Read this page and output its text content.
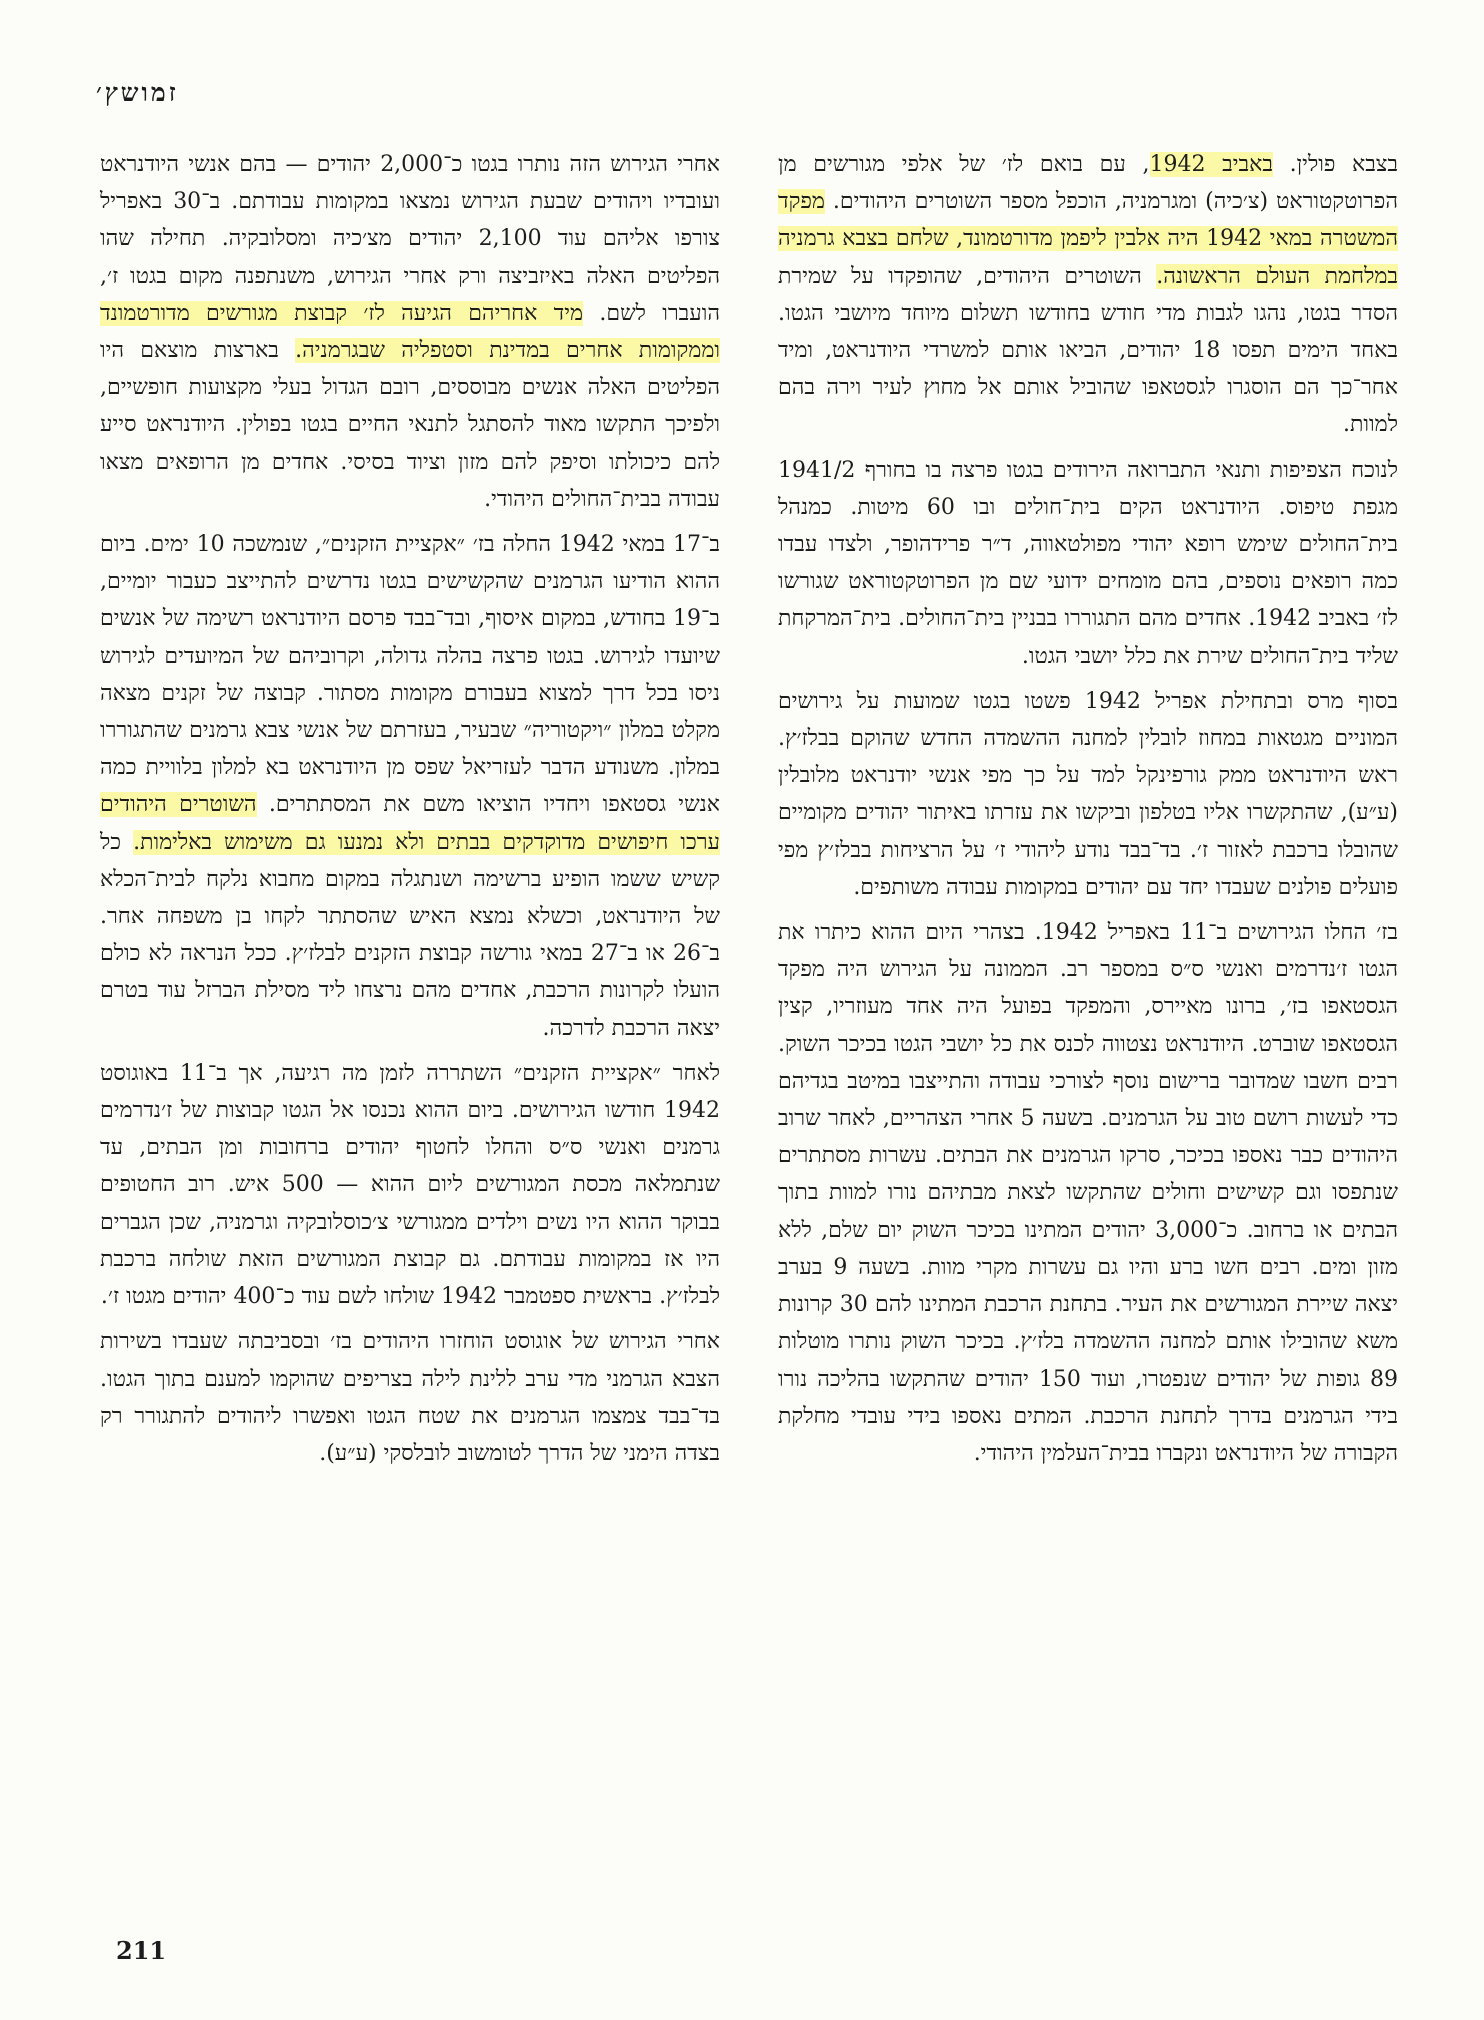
זמושץ׳

בצבא פולין. באביב 1942, עם בואם לז׳ של אלפי מגורשים מן הפרוטקטוראט (צ׳כיה) ומגרמניה, הוכפל מספר השוטרים היהודים. מפקד המשטרה במאי 1942 היה אלבין ליפמן מדורטמונד, שלחם בצבא גרמניה במלחמת העולם הראשונה. השוטרים היהודים, שהופקדו על שמירת הסדר בגטו, נהגו לגבות מדי חודש בחודשו תשלום מיוחד מיושבי הגטו. באחד הימים תפסו 18 יהודים, הביאו אותם למשרדי היודנראט, ומיד אחר־כך הם הוסגרו לגסטאפו שהוביל אותם אל מחוץ לעיר וירה בהם למוות.

לנוכח הצפיפות ותנאי התברואה הירודים בגטו פרצה בו בחורף 1941/2 מגפת טיפוס. היודנראט הקים בית־חולים ובו 60 מיטות. כמנהל בית־החולים שימש רופא יהודי מפולטאווה, ד״ר פרידהופר, ולצדו עבדו כמה רופאים נוספים, בהם מומחים ידועי שם מן הפרוטקטוראט שגורשו לז׳ באביב 1942. אחדים מהם התגוררו בבניין בית־החולים. בית־המרקחת שליד בית־החולים שירת את כלל יושבי הגטו.

בסוף מרס ובתחילת אפריל 1942 פשטו בגטו שמועות על גירושים המוניים מגטאות במחוז לובלין למחנה ההשמדה החדש שהוקם בבלז׳ץ. ראש היודנראט ממק גורפינקל למד על כך מפי אנשי יודנראט מלובלין (ע״ע), שהתקשרו אליו בטלפון וביקשו את עזרתו באיתור יהודים מקומיים שהובלו ברכבת לאזור ז׳. בד־בבד נודע ליהודי ז׳ על הרציחות בבלז׳ץ מפי פועלים פולנים שעבדו יחד עם יהודים במקומות עבודה משותפים.

בז׳ החלו הגירושים ב־11 באפריל 1942. בצהרי היום ההוא כיתרו את הגטו ז׳נדרמים ואנשי ס״ס במספר רב. הממונה על הגירוש היה מפקד הגסטאפו בז׳, ברונו מאיירס, והמפקד בפועל היה אחד מעוזריו, קצין הגסטאפו שוברט. היודנראט נצטווה לכנס את כל יושבי הגטו בכיכר השוק. רבים חשבו שמדובר ברישום נוסף לצורכי עבודה והתייצבו במיטב בגדיהם כדי לעשות רושם טוב על הגרמנים. בשעה 5 אחרי הצהריים, לאחר שרוב היהודים כבר נאספו בכיכר, סרקו הגרמנים את הבתים. עשרות מסתתרים שנתפסו וגם קשישים וחולים שהתקשו לצאת מבתיהם נורו למוות בתוך הבתים או ברחוב. כ־3,000 יהודים המתינו בכיכר השוק יום שלם, ללא מזון ומים. רבים חשו ברע והיו גם עשרות מקרי מוות. בשעה 9 בערב יצאה שיירת המגורשים את העיר. בתחנת הרכבת המתינו להם 30 קרונות משא שהובילו אותם למחנה ההשמדה בלז׳ץ. בכיכר השוק נותרו מוטלות 89 גופות של יהודים שנפטרו, ועוד 150 יהודים שהתקשו בהליכה נורו בידי הגרמנים בדרך לתחנת הרכבת. המתים נאספו בידי עובדי מחלקת הקבורה של היודנראט ונקברו בבית־העלמין היהודי.

אחרי הגירוש הזה נותרו בגטו כ־2,000 יהודים — בהם אנשי היודנראט ועובדיו ויהודים שבעת הגירוש נמצאו במקומות עבודתם. ב־30 באפריל צורפו אליהם עוד 2,100 יהודים מצ׳כיה ומסלובקיה. תחילה שהו הפליטים האלה באיזביצה ורק אחרי הגירוש, משנתפנה מקום בגטו ז׳, הועברו לשם. מיד אחריהם הגיעה לז׳ קבוצת מגורשים מדורטמונד וממקומות אחרים במדינת וסטפליה שבגרמניה. בארצות מוצאם היו הפליטים האלה אנשים מבוססים, רובם הגדול בעלי מקצועות חופשיים, ולפיכך התקשו מאוד להסתגל לתנאי החיים בגטו בפולין. היודנראט סייע להם כיכולתו וסיפק להם מזון וציוד בסיסי. אחדים מן הרופאים מצאו עבודה בבית־החולים היהודי.

ב־17 במאי 1942 החלה בז׳ ״אקציית הזקנים״, שנמשכה 10 ימים. ביום ההוא הודיעו הגרמנים שהקשישים בגטו נדרשים להתייצב כעבור יומיים, ב־19 בחודש, במקום איסוף, ובד־בבד פרסם היודנראט רשימה של אנשים שיועדו לגירוש. בגטו פרצה בהלה גדולה, וקרוביהם של המיועדים לגירוש ניסו בכל דרך למצוא בעבורם מקומות מסתור. קבוצה של זקנים מצאה מקלט במלון ״ויקטוריה״ שבעיר, בעזרתם של אנשי צבא גרמנים שהתגוררו במלון. משנודע הדבר לעזריאל שפס מן היודנראט בא למלון בלוויית כמה אנשי גסטאפו ויחדיו הוציאו משם את המסתתרים. השוטרים היהודים ערכו חיפושים מדוקדקים בבתים ולא נמנעו גם משימוש באלימות. כל קשיש ששמו הופיע ברשימה ושנתגלה במקום מחבוא נלקח לבית־הכלא של היודנראט, וכשלא נמצא האיש שהסתתר לקחו בן משפחה אחר. ב־26 או ב־27 במאי גורשה קבוצת הזקנים לבלז׳ץ. ככל הנראה לא כולם הועלו לקרונות הרכבת, אחדים מהם נרצחו ליד מסילת הברזל עוד בטרם יצאה הרכבת לדרכה.

לאחר ״אקציית הזקנים״ השתררה לזמן מה רגיעה, אך ב־11 באוגוסט 1942 חודשו הגירושים. ביום ההוא נכנסו אל הגטו קבוצות של ז׳נדרמים גרמנים ואנשי ס״ס והחלו לחטוף יהודים ברחובות ומן הבתים, עד שנתמלאה מכסת המגורשים ליום ההוא — 500 איש. רוב החטופים בבוקר ההוא היו נשים וילדים ממגורשי צ׳כוסלובקיה וגרמניה, שכן הגברים היו אז במקומות עבודתם. גם קבוצת המגורשים הזאת שולחה ברכבת לבלז׳ץ. בראשית ספטמבר 1942 שולחו לשם עוד כ־400 יהודים מגטו ז׳.

אחרי הגירוש של אוגוסט הוחזרו היהודים בז׳ ובסביבתה שעבדו בשירות הצבא הגרמני מדי ערב ללינת לילה בצריפים שהוקמו למענם בתוך הגטו. בד־בבד צמצמו הגרמנים את שטח הגטו ואפשרו ליהודים להתגורר רק בצדה הימני של הדרך לטומשוב לובלסקי (ע״ע).

211
